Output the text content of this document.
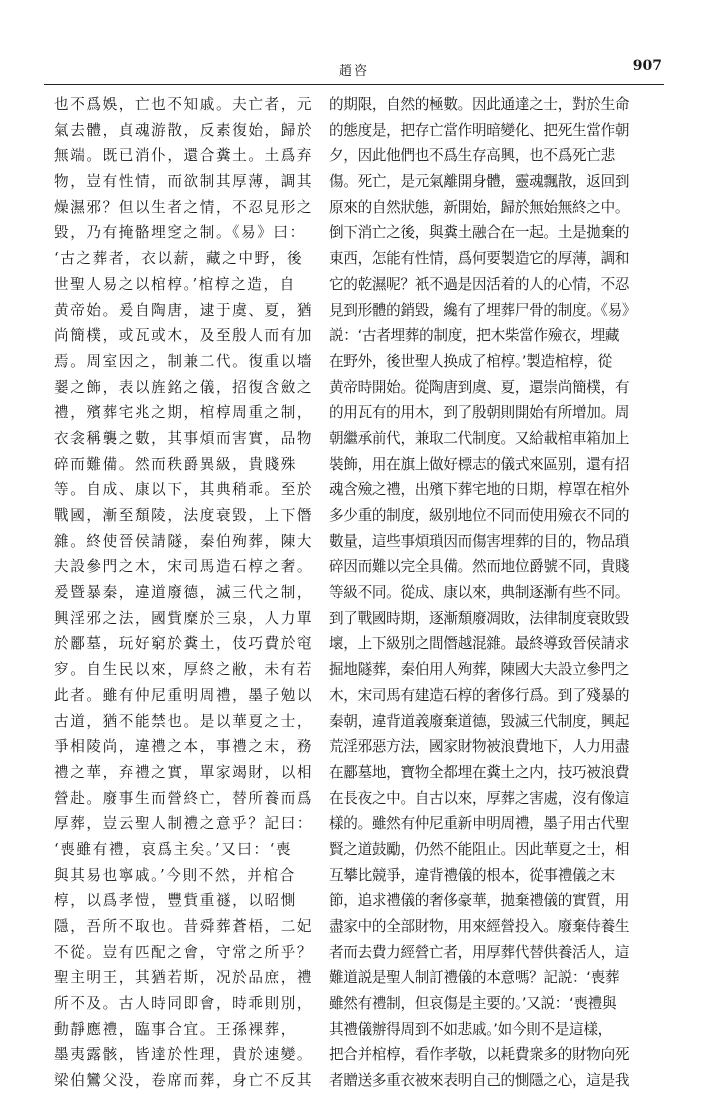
趙咨	907
也不爲娛，亡也不知戚。夫亡者，元
氣去體，貞魂游散，反素復始，歸於
無端。既已消仆，還合糞土。土爲弃
物，豈有性情，而欲制其厚薄，調其
燥濕邪？但以生者之情，不忍見形之
毀，乃有掩骼埋窆之制。《易》曰：
‘古之葬者，衣以薪，藏之中野，後
世聖人易之以棺椁。’棺椁之造，自
黄帝始。爰自陶唐，逮于虞、夏，猶
尚簡樸，或瓦或木，及至殷人而有加
焉。周室因之，制兼二代。復重以墻
翣之飾，表以旌銘之儀，招復含斂之
禮，殯葬宅兆之期，棺椁周重之制，
衣衾稱襲之數，其事煩而害實，品物
碎而難備。然而秩爵異級，貴賤殊
等。自成、康以下，其典稍乖。至於
戰國，漸至頽陵，法度衰毀，上下僭
雜。終使晉侯請隧，秦伯殉葬，陳大
夫設參門之木，宋司馬造石椁之奢。
爰暨暴秦，違道廢德，滅三代之制，
興淫邪之法，國貲糜於三泉，人力單
於酈墓，玩好窮於糞土，伎巧費於窀
穸。自生民以來，厚終之敝，未有若
此者。雖有仲尼重明周禮，墨子勉以
古道，猶不能禁也。是以華夏之士，
爭相陵尚，違禮之本，事禮之末，務
禮之華，弃禮之實，單家竭財，以相
營赴。廢事生而營終亡，替所養而爲
厚葬，豈云聖人制禮之意乎？記曰：
‘喪雖有禮，哀爲主矣。’又曰：‘喪
與其易也寧戚。’今則不然，并棺合
椁，以爲孝愷，豐貲重禭，以昭惻
隱，吾所不取也。昔舜葬蒼梧，二妃
不從。豈有匹配之會，守常之所乎？
聖主明王，其猶若斯，况於品庶，禮
所不及。古人時同即會，時乖則別，
動靜應禮，臨事合宜。王孫裸葬，
墨夷露骸，皆達於性理，貴於速變。
梁伯鸞父没，卷席而葬，身亡不反其
的期限，自然的極數。因此通達之士，對於生命
的態度是，把存亡當作明暗變化、把死生當作朝
夕，因此他們也不爲生存高興，也不爲死亡悲
傷。死亡，是元氣離開身體，靈魂飄散，返回到
原來的自然狀態，新開始，歸於無始無終之中。
倒下消亡之後，與糞土融合在一起。土是拋棄的
東西，怎能有性情，爲何要製造它的厚薄，調和
它的乾濕呢？衹不過是因活着的人的心情，不忍
見到形體的銷毀，纔有了埋葬尸骨的制度。《易》
説：‘古者埋葬的制度，把木柴當作殮衣，埋藏
在野外，後世聖人换成了棺椁。’製造棺椁，從
黄帝時開始。從陶唐到虞、夏，還崇尚簡樸，有
的用瓦有的用木，到了殷朝則開始有所增加。周
朝繼承前代，兼取二代制度。又給載棺車箱加上
裝飾，用在旗上做好標志的儀式來區别，還有招
魂含殮之禮，出殯下葬宅地的日期，椁罩在棺外
多少重的制度，級别地位不同而使用殮衣不同的
數量，這些事煩瑣因而傷害埋葬的目的，物品瑣
碎因而難以完全具備。然而地位爵號不同，貴賤
等級不同。從成、康以來，典制逐漸有些不同。
到了戰國時期，逐漸頽廢凋敗，法律制度衰敗毀
壞，上下級别之間僭越混雜。最終導致晉侯請求
掘地隧葬，秦伯用人殉葬，陳國大夫設立參門之
木，宋司馬有建造石椁的奢侈行爲。到了殘暴的
秦朝，違背道義廢棄道德，毀滅三代制度，興起
荒淫邪惡方法，國家財物被浪費地下，人力用盡
在酈墓地，寶物全都埋在糞土之内，技巧被浪費
在長夜之中。自古以來，厚葬之害處，沒有像這
樣的。雖然有仲尼重新申明周禮，墨子用古代聖
賢之道鼓勵，仍然不能阻止。因此華夏之士，相
互攀比競爭，違背禮儀的根本，從事禮儀之末
節，追求禮儀的奢侈豪華，拋棄禮儀的實質，用
盡家中的全部財物，用來經營投入。廢棄侍養生
者而去費力經營亡者，用厚葬代替供養活人，這
難道説是聖人制訂禮儀的本意嗎？記説：‘喪葬
雖然有禮制，但哀傷是主要的。’又説：‘喪禮與
其禮儀辦得周到不如悲戚。’如今則不是這樣，
把合并棺椁，看作孝敬，以耗費衆多的財物向死
者贈送多重衣被來表明自己的惻隱之心，這是我
